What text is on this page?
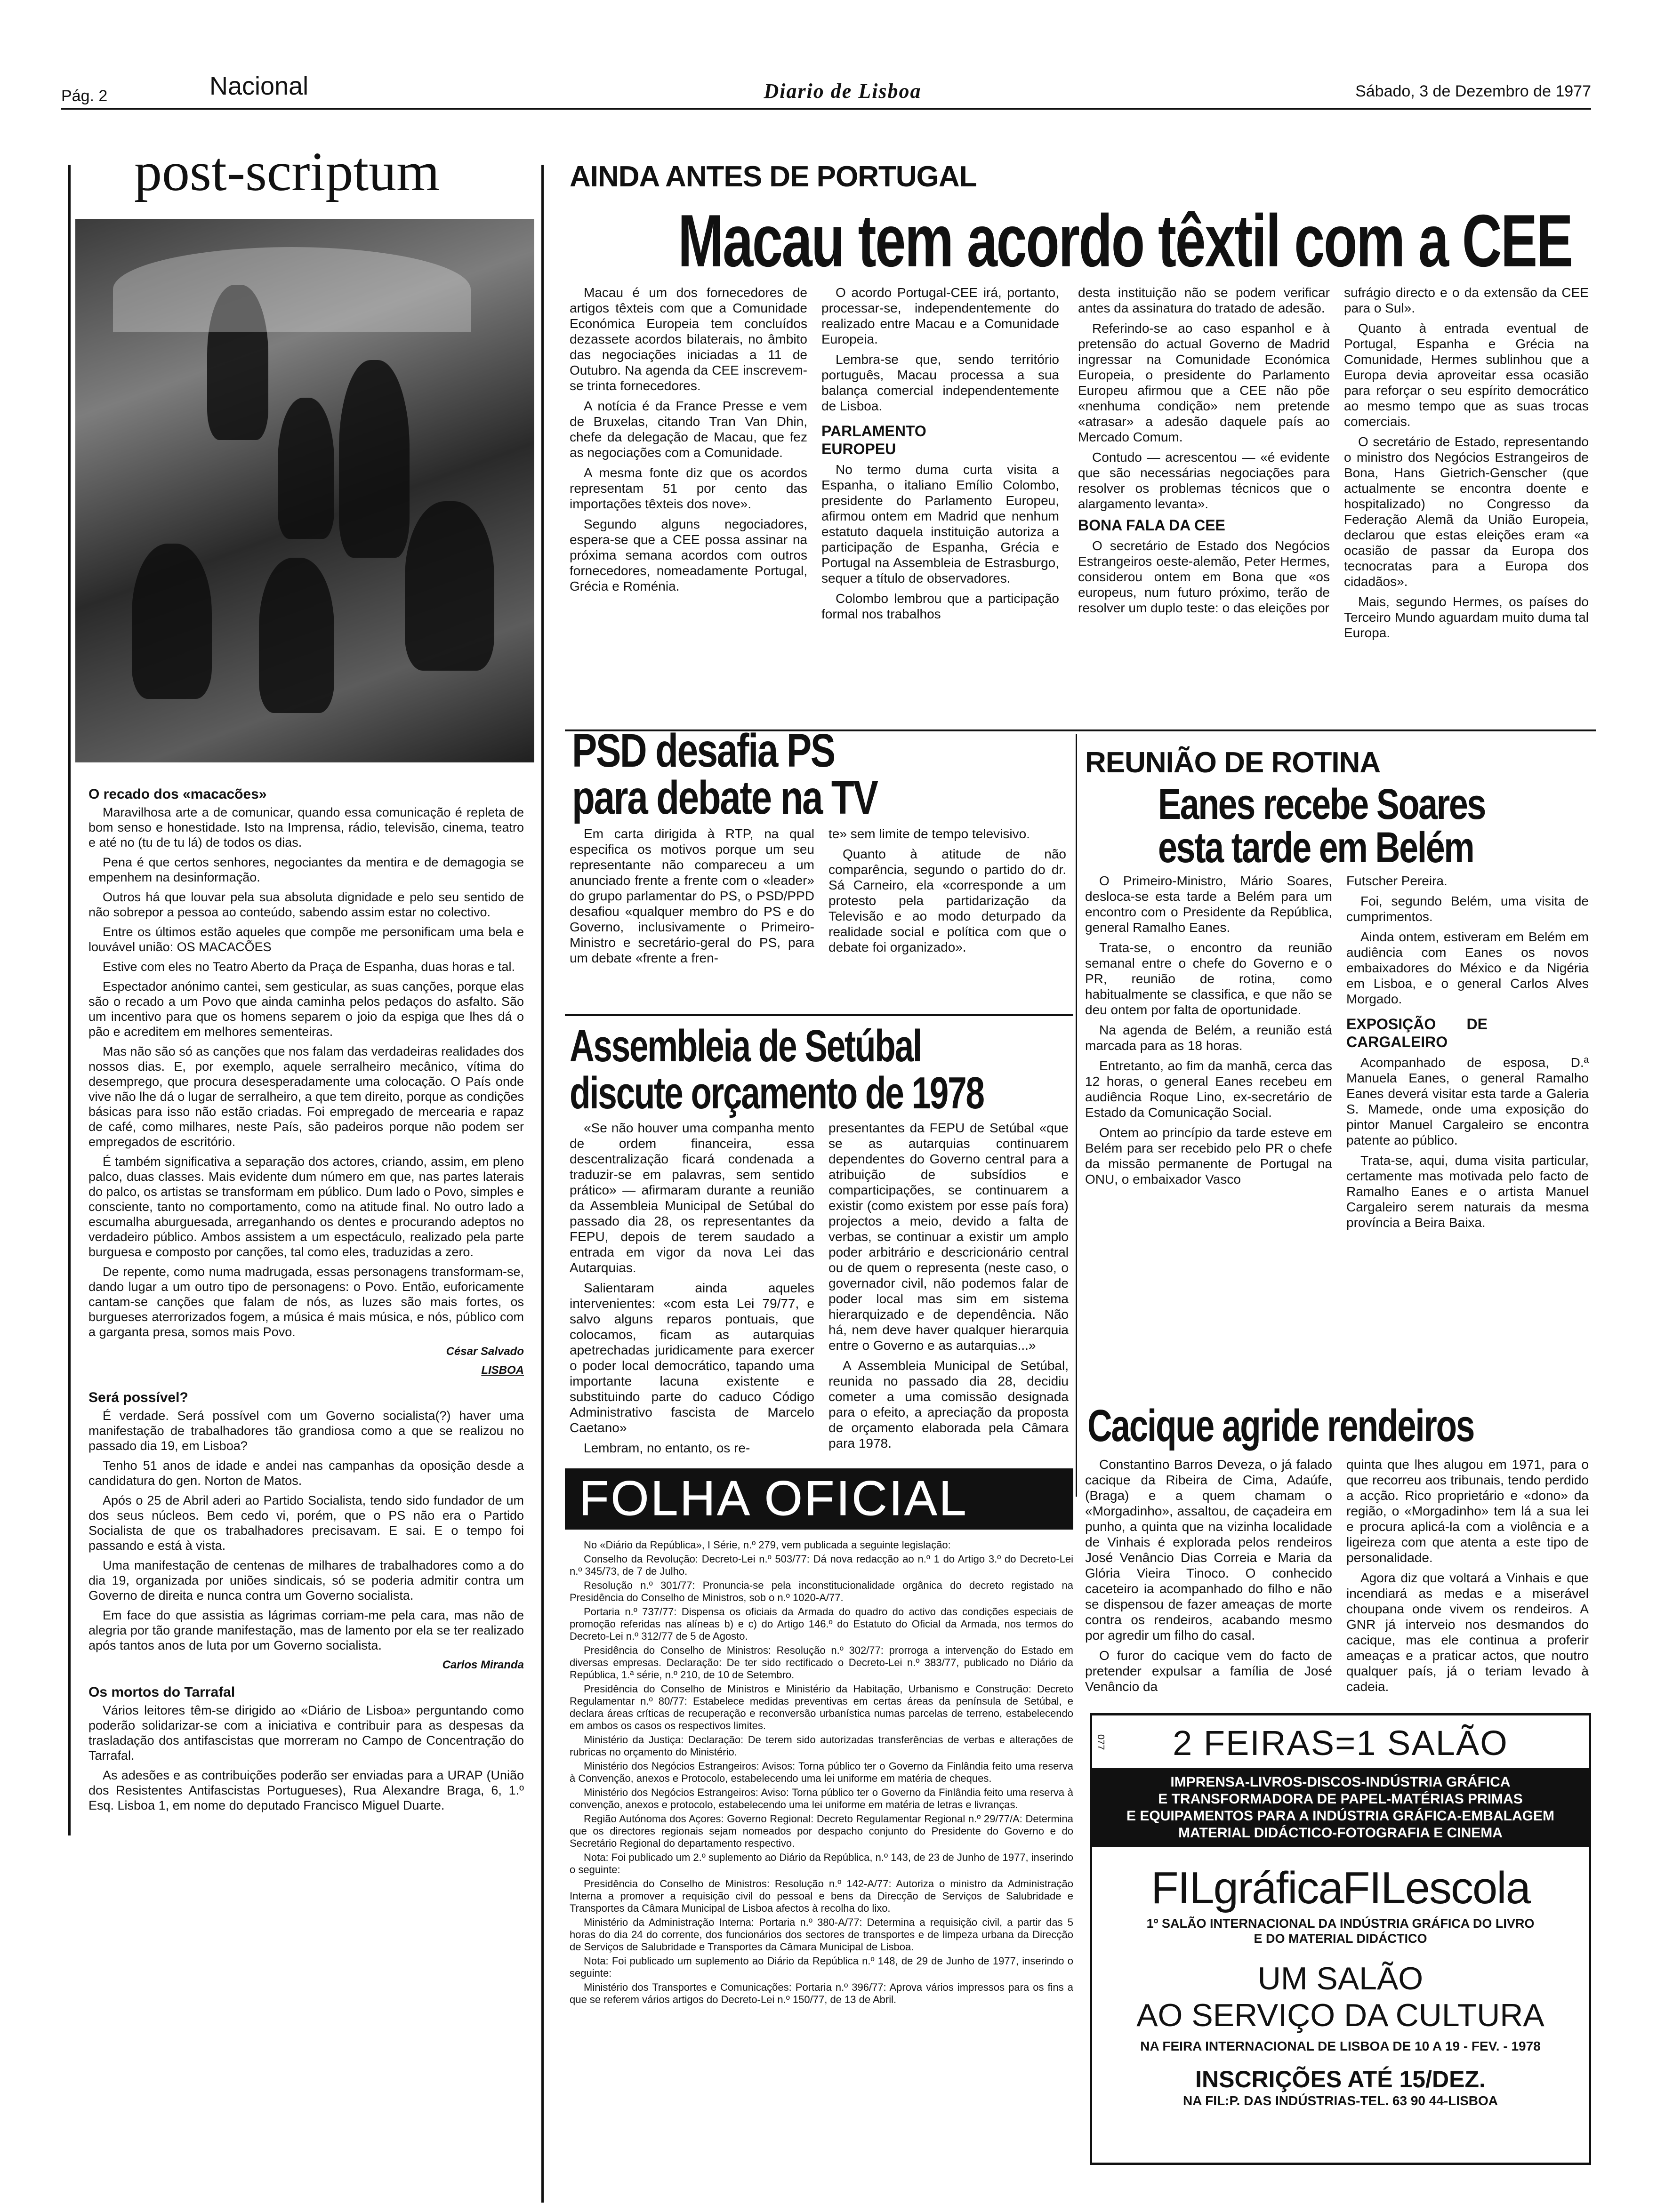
Pág. 2	Nacional	Diario de Lisboa	Sábado, 3 de Dezembro de 1977
post-scriptum
O recado dos «macacões»

Maravilhosa arte a de comunicar, quando essa comunicação é repleta de bom senso e honestidade. Isto na Imprensa, rádio, televisão, cinema, teatro e até no (tu de tu lá) de todos os dias.

Pena é que certos senhores, negociantes da mentira e de demagogia se empenhem na desinformação.

Outros há que louvar pela sua absoluta dignidade e pelo seu sentido de não sobrepor a pessoa ao conteúdo, sabendo assim estar no colectivo.

Entre os últimos estão aqueles que compõe me personificam uma bela e louvável união: OS MACACÕES

Estive com eles no Teatro Aberto da Praça de Espanha, duas horas e tal.

Espectador anónimo cantei, sem gesticular, as suas canções, porque elas são o recado a um Povo que ainda caminha pelos pedaços do asfalto. São um incentivo para que os homens separem o joio da espiga que lhes dá o pão e acreditem em melhores sementeiras.

Mas não são só as canções que nos falam das verdadeiras realidades dos nossos dias. E, por exemplo, aquele serralheiro mecânico, vítima do desemprego, que procura desesperadamente uma colocação. O País onde vive não lhe dá o lugar de serralheiro, a que tem direito, porque as condições básicas para isso não estão criadas. Foi empregado de mercearia e rapaz de café, como milhares, neste País, são padeiros porque não podem ser empregados de escritório.

É também significativa a separação dos actores, criando, assim, em pleno palco, duas classes. Mais evidente dum número em que, nas partes laterais do palco, os artistas se transformam em público. Dum lado o Povo, simples e consciente, tanto no comportamento, como na atitude final. No outro lado a escumalha aburguesada, arreganhando os dentes e procurando adeptos no verdadeiro público. Ambos assistem a um espectáculo, realizado pela parte burguesa e composto por canções, tal como eles, traduzidas a zero.

De repente, como numa madrugada, essas personagens transformam-se, dando lugar a um outro tipo de personagens: o Povo. Então, euforicamente cantam-se canções que falam de nós, as luzes são mais fortes, os burgueses aterrorizados fogem, a música é mais música, e nós, público com a garganta presa, somos mais Povo.

César Salvado
LISBOA
Será possível?

É verdade. Será possível com um Governo socialista(?) haver uma manifestação de trabalhadores tão grandiosa como a que se realizou no passado dia 19, em Lisboa?

Tenho 51 anos de idade e andei nas campanhas da oposição desde a candidatura do gen. Norton de Matos.

Após o 25 de Abril aderi ao Partido Socialista, tendo sido fundador de um dos seus núcleos. Bem cedo vi, porém, que o PS não era o Partido Socialista de que os trabalhadores precisavam. E sai. E o tempo foi passando e está à vista.

Uma manifestação de centenas de milhares de trabalhadores como a do dia 19, organizada por uniões sindicais, só se poderia admitir contra um Governo de direita e nunca contra um Governo socialista.

Em face do que assistia as lágrimas corriam-me pela cara, mas não de alegria por tão grande manifestação, mas de lamento por ela se ter realizado após tantos anos de luta por um Governo socialista.

Carlos Miranda
Os mortos do Tarrafal

Vários leitores têm-se dirigido ao «Diário de Lisboa» perguntando como poderão solidarizar-se com a iniciativa e contribuir para as despesas da trasladação dos antifascistas que morreram no Campo de Concentração do Tarrafal.

As adesões e as contribuições poderão ser enviadas para a URAP (União dos Resistentes Antifascistas Portugueses), Rua Alexandre Braga, 6, 1.º Esq. Lisboa 1, em nome do deputado Francisco Miguel Duarte.

AINDA ANTES DE PORTUGAL
Macau tem acordo têxtil com a CEE

Macau é um dos fornecedores de artigos têxteis com que a Comunidade Económica Europeia tem concluídos dezassete acordos bilaterais, no âmbito das negociações iniciadas a 11 de Outubro. Na agenda da CEE inscrevem-se trinta fornecedores.

A notícia é da France Presse e vem de Bruxelas, citando Tran Van Dhin, chefe da delegação de Macau, que fez as negociações com a Comunidade.

A mesma fonte diz que os acordos representam 51 por cento das importações têxteis dos nove».

Segundo alguns negociadores, espera-se que a CEE possa assinar na próxima semana acordos com outros fornecedores, nomeadamente Portugal, Grécia e Roménia.

O acordo Portugal-CEE irá, portanto, processar-se, independentemente do realizado entre Macau e a Comunidade Europeia.

Lembra-se que, sendo território português, Macau processa a sua balança comercial independentemente de Lisboa.

PARLAMENTO EUROPEU

No termo duma curta visita a Espanha, o italiano Emílio Colombo, presidente do Parlamento Europeu, afirmou ontem em Madrid que nenhum estatuto daquela instituição autoriza a participação de Espanha, Grécia e Portugal na Assembleia de Estrasburgo, sequer a título de observadores.

Colombo lembrou que a participação formal nos trabalhos

desta instituição não se podem verificar antes da assinatura do tratado de adesão.

Referindo-se ao caso espanhol e à pretensão do actual Governo de Madrid ingressar na Comunidade Económica Europeia, o presidente do Parlamento Europeu afirmou que a CEE não põe «nenhuma condição» nem pretende «atrasar» a adesão daquele país ao Mercado Comum.

Contudo — acrescentou — «é evidente que são necessárias negociações para resolver os problemas técnicos que o alargamento levanta».

BONA FALA DA CEE

O secretário de Estado dos Negócios Estrangeiros oeste-alemão, Peter Hermes, considerou ontem em Bona que «os europeus, num futuro próximo, terão de resolver um duplo teste: o das eleições por

sufrágio directo e o da extensão da CEE para o Sul».

Quanto à entrada eventual de Portugal, Espanha e Grécia na Comunidade, Hermes sublinhou que a Europa devia aproveitar essa ocasião para reforçar o seu espírito democrático ao mesmo tempo que as suas trocas comerciais.

O secretário de Estado, representando o ministro dos Negócios Estrangeiros de Bona, Hans Gietrich-Genscher (que actualmente se encontra doente e hospitalizado) no Congresso da Federação Alemã da União Europeia, declarou que estas eleições eram «a ocasião de passar da Europa dos tecnocratas para a Europa dos cidadãos».

Mais, segundo Hermes, os países do Terceiro Mundo aguardam muito duma tal Europa.

PSD desafia PS
para debate na TV

Em carta dirigida à RTP, na qual especifica os motivos porque um seu representante não compareceu a um anunciado frente a frente com o «leader» do grupo parlamentar do PS, o PSD/PPD desafiou «qualquer membro do PS e do Governo, inclusivamente o Primeiro-Ministro e secretário-geral do PS, para um debate «frente a fren-

te» sem limite de tempo televisivo.

Quanto à atitude de não comparência, segundo o partido do dr. Sá Carneiro, ela «corresponde a um protesto pela partidarização da Televisão e ao modo deturpado da realidade social e política com que o debate foi organizado».

Assembleia de Setúbal
discute orçamento de 1978

«Se não houver uma companha mento de ordem financeira, essa descentralização ficará condenada a traduzir-se em palavras, sem sentido prático» — afirmaram durante a reunião da Assembleia Municipal de Setúbal do passado dia 28, os representantes da FEPU, depois de terem saudado a entrada em vigor da nova Lei das Autarquias.

Salientaram ainda aqueles intervenientes: «com esta Lei 79/77, e salvo alguns reparos pontuais, que colocamos, ficam as autarquias apetrechadas juridicamente para exercer o poder local democrático, tapando uma importante lacuna existente e substituindo parte do caduco Código Administrativo fascista de Marcelo Caetano»

Lembram, no entanto, os re-

presentantes da FEPU de Setúbal «que se as autarquias continuarem dependentes do Governo central para a atribuição de subsídios e comparticipações, se continuarem a existir (como existem por esse país fora) projectos a meio, devido a falta de verbas, se continuar a existir um amplo poder arbitrário e descricionário central ou de quem o representa (neste caso, o governador civil, não podemos falar de poder local mas sim em sistema hierarquizado e de dependência. Não há, nem deve haver qualquer hierarquia entre o Governo e as autarquias...»

A Assembleia Municipal de Setúbal, reunida no passado dia 28, decidiu cometer a uma comissão designada para o efeito, a apreciação da proposta de orçamento elaborada pela Câmara para 1978.

FOLHA OFICIAL

No «Diário da República», I Série, n.º 279, vem publicada a seguinte legislação:

Conselho da Revolução: Decreto-Lei n.º 503/77: Dá nova redacção ao n.º 1 do Artigo 3.º do Decreto-Lei n.º 345/73, de 7 de Julho.

Resolução n.º 301/77: Pronuncia-se pela inconstitucionalidade orgânica do decreto registado na Presidência do Conselho de Ministros, sob o n.º 1020-A/77.

Portaria n.º 737/77: Dispensa os oficiais da Armada do quadro do activo das condições especiais de promoção referidas nas alíneas b) e c) do Artigo 146.º do Estatuto do Oficial da Armada, nos termos do Decreto-Lei n.º 312/77 de 5 de Agosto.

Presidência do Conselho de Ministros: Resolução n.º 302/77: prorroga a intervenção do Estado em diversas empresas. Declaração: De ter sido rectificado o Decreto-Lei n.º 383/77, publicado no Diário da República, 1.ª série, n.º 210, de 10 de Setembro.

Presidência do Conselho de Ministros e Ministério da Habitação, Urbanismo e Construção: Decreto Regulamentar n.º 80/77: Estabelece medidas preventivas em certas áreas da península de Setúbal, e declara áreas críticas de recuperação e reconversão urbanística numas parcelas de terreno, estabelecendo em ambos os casos os respectivos limites.

Ministério da Justiça: Declaração: De terem sido autorizadas transferências de verbas e alterações de rubricas no orçamento do Ministério.

Ministério dos Negócios Estrangeiros: Avisos: Torna público ter o Governo da Finlândia feito uma reserva à Convenção, anexos e Protocolo, estabelecendo uma lei uniforme em matéria de cheques.

Ministério dos Negócios Estrangeiros: Aviso: Torna público ter o Governo da Finlândia feito uma reserva à convenção, anexos e protocolo, estabelecendo uma lei uniforme em matéria de letras e livranças.

Região Autónoma dos Açores: Governo Regional: Decreto Regulamentar Regional n.º 29/77/A: Determina que os directores regionais sejam nomeados por despacho conjunto do Presidente do Governo e do Secretário Regional do departamento respectivo.

Nota: Foi publicado um 2.º suplemento ao Diário da República, n.º 143, de 23 de Junho de 1977, inserindo o seguinte:

Presidência do Conselho de Ministros: Resolução n.º 142-A/77: Autoriza o ministro da Administração Interna a promover a requisição civil do pessoal e bens da Direcção de Serviços de Salubridade e Transportes da Câmara Municipal de Lisboa afectos à recolha do lixo.

Ministério da Administração Interna: Portaria n.º 380-A/77: Determina a requisição civil, a partir das 5 horas do dia 24 do corrente, dos funcionários dos sectores de transportes e de limpeza urbana da Direcção de Serviços de Salubridade e Transportes da Câmara Municipal de Lisboa.

Nota: Foi publicado um suplemento ao Diário da República n.º 148, de 29 de Junho de 1977, inserindo o seguinte:

Ministério dos Transportes e Comunicações: Portaria n.º 396/77: Aprova vários impressos para os fins a que se referem vários artigos do Decreto-Lei n.º 150/77, de 13 de Abril.

REUNIÃO DE ROTINA
Eanes recebe Soares
esta tarde em Belém

O Primeiro-Ministro, Mário Soares, desloca-se esta tarde a Belém para um encontro com o Presidente da República, general Ramalho Eanes.

Trata-se, o encontro da reunião semanal entre o chefe do Governo e o PR, reunião de rotina, como habitualmente se classifica, e que não se deu ontem por falta de oportunidade.

Na agenda de Belém, a reunião está marcada para as 18 horas.

Entretanto, ao fim da manhã, cerca das 12 horas, o general Eanes recebeu em audiência Roque Lino, ex-secretário de Estado da Comunicação Social.

Ontem ao princípio da tarde esteve em Belém para ser recebido pelo PR o chefe da missão permanente de Portugal na ONU, o embaixador Vasco

Futscher Pereira.

Foi, segundo Belém, uma visita de cumprimentos.

Ainda ontem, estiveram em Belém em audiência com Eanes os novos embaixadores do México e da Nigéria em Lisboa, e o general Carlos Alves Morgado.

EXPOSIÇÃO DE CARGALEIRO

Acompanhado de esposa, D.ª Manuela Eanes, o general Ramalho Eanes deverá visitar esta tarde a Galeria S. Mamede, onde uma exposição do pintor Manuel Cargaleiro se encontra patente ao público.

Trata-se, aqui, duma visita particular, certamente mas motivada pelo facto de Ramalho Eanes e o artista Manuel Cargaleiro serem naturais da mesma província a Beira Baixa.

Cacique agride rendeiros

Constantino Barros Deveza, o já falado cacique da Ribeira de Cima, Adaúfe, (Braga) e a quem chamam o «Morgadinho», assaltou, de caçadeira em punho, a quinta que na vizinha localidade de Vinhais é explorada pelos rendeiros José Venâncio Dias Correia e Maria da Glória Vieira Tinoco. O conhecido caceteiro ia acompanhado do filho e não se dispensou de fazer ameaças de morte contra os rendeiros, acabando mesmo por agredir um filho do casal.

O furor do cacique vem do facto de pretender expulsar a família de José Venâncio da

quinta que lhes alugou em 1971, para o que recorreu aos tribunais, tendo perdido a acção. Rico proprietário e «dono» da região, o «Morgadinho» tem lá a sua lei e procura aplicá-la com a violência e a ligeireza com que atenta a este tipo de personalidade.

Agora diz que voltará a Vinhais e que incendiará as medas e a miserável choupana onde vivem os rendeiros. A GNR já interveio nos desmandos do cacique, mas ele continua a proferir ameaças e a praticar actos, que noutro qualquer país, já o teriam levado à cadeia.

077	2 FEIRAS=1 SALÃO
IMPRENSA-LIVROS-DISCOS-INDÚSTRIA GRÁFICA
E TRANSFORMADORA DE PAPEL-MATÉRIAS PRIMAS
E EQUIPAMENTOS PARA A INDÚSTRIA GRÁFICA-EMBALAGEM
MATERIAL DIDÁCTICO-FOTOGRAFIA E CINEMA
FILgráficaFILescola
1º SALÃO INTERNACIONAL DA INDÚSTRIA GRÁFICA DO LIVRO
E DO MATERIAL DIDÁCTICO
UM SALÃO
AO SERVIÇO DA CULTURA
NA FEIRA INTERNACIONAL DE LISBOA DE 10 A 19 - FEV. - 1978
INSCRIÇÕES ATÉ 15/DEZ.
NA FIL:P. DAS INDÚSTRIAS-TEL. 63 90 44-LISBOA
